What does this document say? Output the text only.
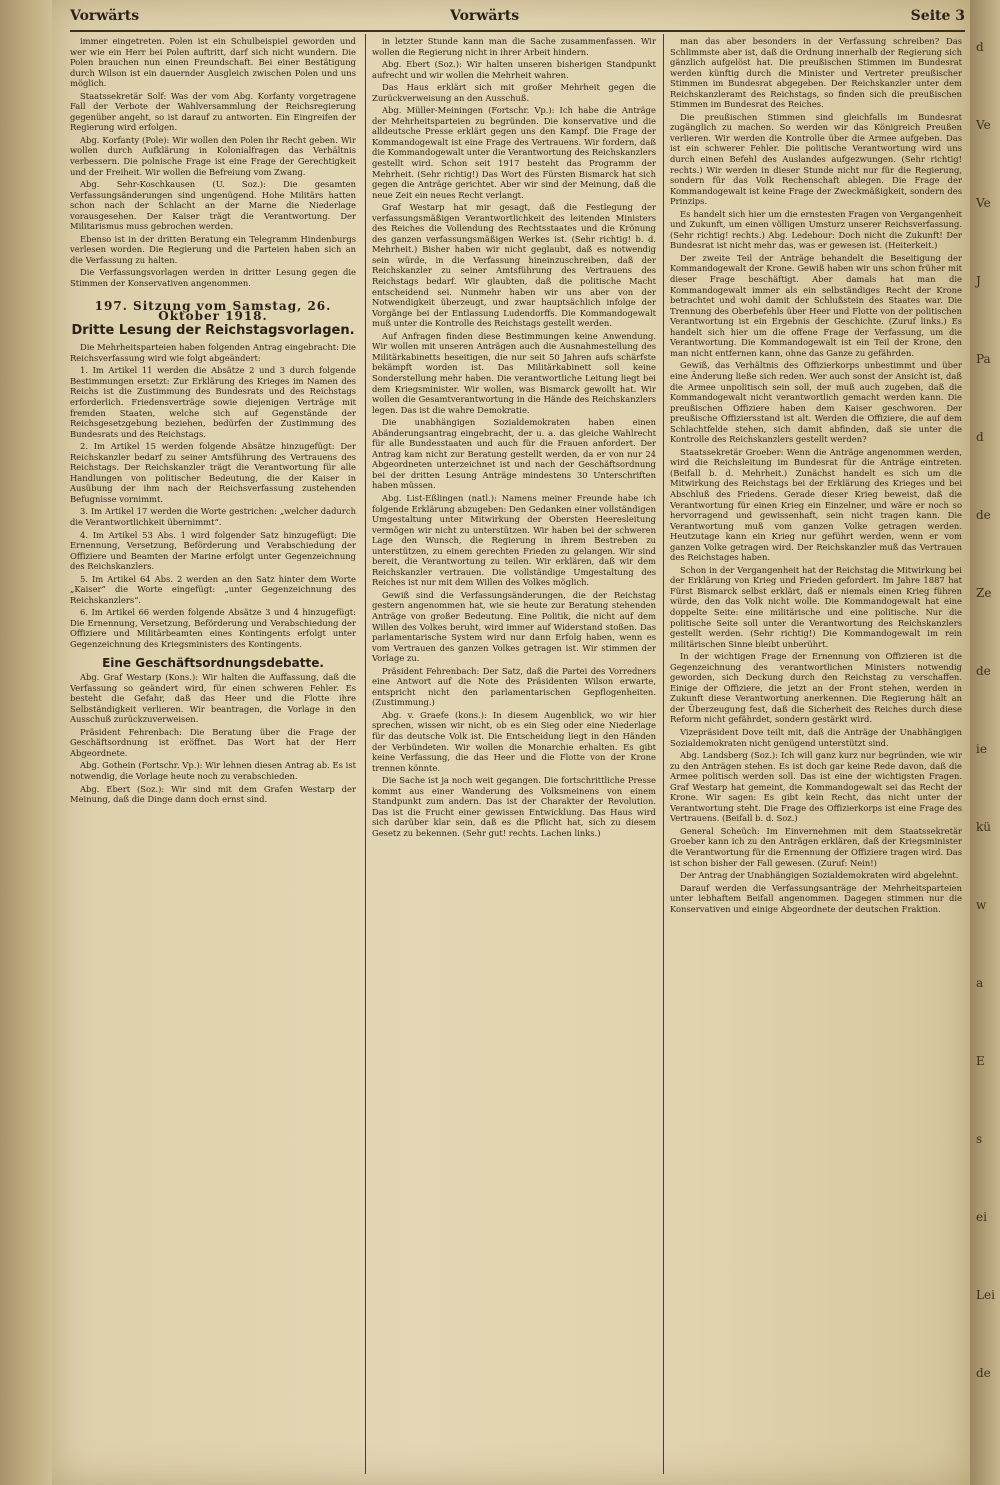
Vorwärts	Vorwärts	Seite 3

immer eingetreten. Polen ist ein Schulbeispiel geworden und wer wie ein Herr bei Polen auftritt, darf sich nicht wundern. Die Polen brauchen nun einen Freundschaft. Bei einer Bestätigung durch Wilson ist ein dauernder Ausgleich zwischen Polen und uns möglich.

Staatssekretär Solf: Was der vom Abg. Korfanty vorgetragene Fall der Verbote der Wahlversammlung der Reichsregierung gegenüber angeht, so ist darauf zu antworten. Ein Eingreifen der Regierung wird erfolgen.

Abg. Korfanty (Pole): Wir wollen den Polen ihr Recht geben. Wir wollen durch Aufklärung in Kolonialfragen das Verhältnis verbessern. Die polnische Frage ist eine Frage der Gerechtigkeit und der Freiheit. Wir wollen die Befreiung vom Zwang.

Abg. Sehr-Koschkausen (U. Soz.): Die gesamten Verfassungsänderungen sind ungenügend. Hohe Militärs hatten schon nach der Schlacht an der Marne die Niederlage vorausgesehen. Der Kaiser trägt die Verantwortung. Der Militarismus muss gebrochen werden.

Ebenso ist in der dritten Beratung ein Telegramm Hindenburgs verlesen worden. Die Regierung und die Parteien haben sich an die Verfassung zu halten.

Die Verfassungsvorlagen werden in dritter Lesung gegen die Stimmen der Konservativen angenommen.

197. Sitzung vom Samstag, 26. Oktober 1918.
Dritte Lesung der Reichstagsvorlagen.

Die Mehrheitsparteien haben folgenden Antrag eingebracht: Die Reichsverfassung wird wie folgt abgeändert:

1. Im Artikel 11 werden die Absätze 2 und 3 durch folgende Bestimmungen ersetzt: Zur Erklärung des Krieges im Namen des Reichs ist die Zustimmung des Bundesrats und des Reichstags erforderlich. Friedensverträge sowie diejenigen Verträge mit fremden Staaten, welche sich auf Gegenstände der Reichsgesetzgebung beziehen, bedürfen der Zustimmung des Bundesrats und des Reichstags.

2. Im Artikel 15 werden folgende Absätze hinzugefügt: Der Reichskanzler bedarf zu seiner Amtsführung des Vertrauens des Reichstags. Der Reichskanzler trägt die Verantwortung für alle Handlungen von politischer Bedeutung, die der Kaiser in Ausübung der ihm nach der Reichsverfassung zustehenden Befugnisse vornimmt.

3. Im Artikel 17 werden die Worte gestrichen: „welcher dadurch die Verantwortlichkeit übernimmt“.

4. Im Artikel 53 Abs. 1 wird folgender Satz hinzugefügt: Die Ernennung, Versetzung, Beförderung und Verabschiedung der Offiziere und Beamten der Marine erfolgt unter Gegenzeichnung des Reichskanzlers.

5. Im Artikel 64 Abs. 2 werden an den Satz hinter dem Worte „Kaiser“ die Worte eingefügt: „unter Gegenzeichnung des Reichskanzlers“.

6. Im Artikel 66 werden folgende Absätze 3 und 4 hinzugefügt: Die Ernennung, Versetzung, Beförderung und Verabschiedung der Offiziere und Militärbeamten eines Kontingents erfolgt unter Gegenzeichnung des Kriegsministers des Kontingents.

Eine Geschäftsordnungsdebatte.

Abg. Graf Westarp (Kons.): Wir halten die Auffassung, daß die Verfassung so geändert wird, für einen schweren Fehler. Es besteht die Gefahr, daß das Heer und die Flotte ihre Selbständigkeit verlieren. Wir beantragen, die Vorlage in den Ausschuß zurückzuverweisen.

Präsident Fehrenbach: Die Beratung über die Frage der Geschäftsordnung ist eröffnet. Das Wort hat der Herr Abgeordnete.

Abg. Gothein (Fortschr. Vp.): Wir lehnen diesen Antrag ab. Es ist notwendig, die Vorlage heute noch zu verabschieden.

Abg. Ebert (Soz.): Wir sind mit dem Grafen Westarp der Meinung, daß die Dinge dann doch ernst sind.

in letzter Stunde kann man die Sache zusammenfassen. Wir wollen die Regierung nicht in ihrer Arbeit hindern.

Abg. Ebert (Soz.): Wir halten unseren bisherigen Standpunkt aufrecht und wir wollen die Mehrheit wahren.

Das Haus erklärt sich mit großer Mehrheit gegen die Zurückverweisung an den Ausschuß.

Abg. Müller-Meiningen (Fortschr. Vp.): Ich habe die Anträge der Mehrheitsparteien zu begründen. Die konservative und die alldeutsche Presse erklärt gegen uns den Kampf. Die Frage der Kommandogewalt ist eine Frage des Vertrauens. Wir fordern, daß die Kommandogewalt unter die Verantwortung des Reichskanzlers gestellt wird. Schon seit 1917 besteht das Programm der Mehrheit. (Sehr richtig!) Das Wort des Fürsten Bismarck hat sich gegen die Anträge gerichtet. Aber wir sind der Meinung, daß die neue Zeit ein neues Recht verlangt.

Graf Westarp hat mir gesagt, daß die Festlegung der verfassungsmäßigen Verantwortlichkeit des leitenden Ministers des Reiches die Vollendung des Rechtsstaates und die Krönung des ganzen verfassungsmäßigen Werkes ist. (Sehr richtig! b. d. Mehrheit.) Bisher haben wir nicht geglaubt, daß es notwendig sein würde, in die Verfassung hineinzuschreiben, daß der Reichskanzler zu seiner Amtsführung des Vertrauens des Reichstags bedarf. Wir glaubten, daß die politische Macht entscheidend sei. Nunmehr haben wir uns aber von der Notwendigkeit überzeugt, und zwar hauptsächlich infolge der Vorgänge bei der Entlassung Ludendorffs. Die Kommandogewalt muß unter die Kontrolle des Reichstags gestellt werden.

Auf Anfragen finden diese Bestimmungen keine Anwendung. Wir wollen mit unseren Anträgen auch die Ausnahmestellung des Militärkabinetts beseitigen, die nur seit 50 Jahren aufs schärfste bekämpft worden ist. Das Militärkabinett soll keine Sonderstellung mehr haben. Die verantwortliche Leitung liegt bei dem Kriegsminister. Wir wollen, was Bismarck gewollt hat. Wir wollen die Gesamtverantwortung in die Hände des Reichskanzlers legen. Das ist die wahre Demokratie.

Die unabhängigen Sozialdemokraten haben einen Abänderungsantrag eingebracht, der u. a. das gleiche Wahlrecht für alle Bundesstaaten und auch für die Frauen anfordert. Der Antrag kam nicht zur Beratung gestellt werden, da er von nur 24 Abgeordneten unterzeichnet ist und nach der Geschäftsordnung bei der dritten Lesung Anträge mindestens 30 Unterschriften haben müssen.

Abg. List-Eßlingen (natl.): Namens meiner Freunde habe ich folgende Erklärung abzugeben: Den Gedanken einer vollständigen Umgestaltung unter Mitwirkung der Obersten Heeresleitung vermögen wir nicht zu unterstützen. Wir haben bei der schweren Lage den Wunsch, die Regierung in ihrem Bestreben zu unterstützen, zu einem gerechten Frieden zu gelangen. Wir sind bereit, die Verantwortung zu teilen. Wir erklären, daß wir dem Reichskanzler vertrauen. Die vollständige Umgestaltung des Reiches ist nur mit dem Willen des Volkes möglich.

Gewiß sind die Verfassungsänderungen, die der Reichstag gestern angenommen hat, wie sie heute zur Beratung stehenden Anträge von großer Bedeutung. Eine Politik, die nicht auf dem Willen des Volkes beruht, wird immer auf Widerstand stoßen. Das parlamentarische System wird nur dann Erfolg haben, wenn es vom Vertrauen des ganzen Volkes getragen ist. Wir stimmen der Vorlage zu.

Präsident Fehrenbach: Der Satz, daß die Partei des Vorredners eine Antwort auf die Note des Präsidenten Wilson erwarte, entspricht nicht den parlamentarischen Gepflogenheiten. (Zustimmung.)

Abg. v. Graefe (kons.): In diesem Augenblick, wo wir hier sprechen, wissen wir nicht, ob es ein Sieg oder eine Niederlage für das deutsche Volk ist. Die Entscheidung liegt in den Händen der Verbündeten. Wir wollen die Monarchie erhalten. Es gibt keine Verfassung, die das Heer und die Flotte von der Krone trennen könnte.

Die Sache ist ja noch weit gegangen. Die fortschrittliche Presse kommt aus einer Wanderung des Volksmeinens von einem Standpunkt zum andern. Das ist der Charakter der Revolution. Das ist die Frucht einer gewissen Entwicklung. Das Haus wird sich darüber klar sein, daß es die Pflicht hat, sich zu diesem Gesetz zu bekennen. (Sehr gut! rechts. Lachen links.)

man das aber besonders in der Verfassung schreiben? Das Schlimmste aber ist, daß die Ordnung innerhalb der Regierung sich gänzlich aufgelöst hat. Die preußischen Stimmen im Bundesrat werden künftig durch die Minister und Vertreter preußischer Stimmen im Bundesrat abgegeben. Der Reichskanzler unter dem Reichskanzleramt des Reichstags, so finden sich die preußischen Stimmen im Bundesrat des Reiches.

Die preußischen Stimmen sind gleichfalls im Bundesrat zugänglich zu machen. So werden wir das Königreich Preußen verlieren. Wir werden die Kontrolle über die Armee aufgeben. Das ist ein schwerer Fehler. Die politische Verantwortung wird uns durch einen Befehl des Auslandes aufgezwungen. (Sehr richtig! rechts.) Wir werden in dieser Stunde nicht nur für die Regierung, sondern für das Volk Rechenschaft ablegen. Die Frage der Kommandogewalt ist keine Frage der Zweckmäßigkeit, sondern des Prinzips.

Es handelt sich hier um die ernstesten Fragen von Vergangenheit und Zukunft, um einen völligen Umsturz unserer Reichsverfassung. (Sehr richtig! rechts.) Abg. Ledebour: Doch nicht die Zukunft! Der Bundesrat ist nicht mehr das, was er gewesen ist. (Heiterkeit.)

Der zweite Teil der Anträge behandelt die Beseitigung der Kommandogewalt der Krone. Gewiß haben wir uns schon früher mit dieser Frage beschäftigt. Aber damals hat man die Kommandogewalt immer als ein selbständiges Recht der Krone betrachtet und wohl damit der Schlußstein des Staates war. Die Trennung des Oberbefehls über Heer und Flotte von der politischen Verantwortung ist ein Ergebnis der Geschichte. (Zuruf links.) Es handelt sich hier um die offene Frage der Verfassung, um die Verantwortung. Die Kommandogewalt ist ein Teil der Krone, den man nicht entfernen kann, ohne das Ganze zu gefährden.

Gewiß, das Verhältnis des Offizierkorps unbestimmt und über eine Änderung ließe sich reden. Wer auch sonst der Ansicht ist, daß die Armee unpolitisch sein soll, der muß auch zugeben, daß die Kommandogewalt nicht verantwortlich gemacht werden kann. Die preußischen Offiziere haben dem Kaiser geschworen. Der preußische Offiziersstand ist alt. Werden die Offiziere, die auf dem Schlachtfelde stehen, sich damit abfinden, daß sie unter die Kontrolle des Reichskanzlers gestellt werden?

Staatssekretär Groeber: Wenn die Anträge angenommen werden, wird die Reichsleitung im Bundesrat für die Anträge eintreten. (Beifall b. d. Mehrheit.) Zunächst handelt es sich um die Mitwirkung des Reichstags bei der Erklärung des Krieges und bei Abschluß des Friedens. Gerade dieser Krieg beweist, daß die Verantwortung für einen Krieg ein Einzelner, und wäre er noch so hervorragend und gewissenhaft, sein nicht tragen kann. Die Verantwortung muß vom ganzen Volke getragen werden. Heutzutage kann ein Krieg nur geführt werden, wenn er vom ganzen Volke getragen wird. Der Reichskanzler muß das Vertrauen des Reichstages haben.

Schon in der Vergangenheit hat der Reichstag die Mitwirkung bei der Erklärung von Krieg und Frieden gefordert. Im Jahre 1887 hat Fürst Bismarck selbst erklärt, daß er niemals einen Krieg führen würde, den das Volk nicht wolle. Die Kommandogewalt hat eine doppelte Seite: eine militärische und eine politische. Nur die politische Seite soll unter die Verantwortung des Reichskanzlers gestellt werden. (Sehr richtig!) Die Kommandogewalt im rein militärischen Sinne bleibt unberührt.

In der wichtigen Frage der Ernennung von Offizieren ist die Gegenzeichnung des verantwortlichen Ministers notwendig geworden, sich Deckung durch den Reichstag zu verschaffen. Einige der Offiziere, die jetzt an der Front stehen, werden in Zukunft diese Verantwortung anerkennen. Die Regierung hält an der Überzeugung fest, daß die Sicherheit des Reiches durch diese Reform nicht gefährdet, sondern gestärkt wird.

Vizepräsident Dove teilt mit, daß die Anträge der Unabhängigen Sozialdemokraten nicht genügend unterstützt sind.

Abg. Landsberg (Soz.): Ich will ganz kurz nur begründen, wie wir zu den Anträgen stehen. Es ist doch gar keine Rede davon, daß die Armee politisch werden soll. Das ist eine der wichtigsten Fragen. Graf Westarp hat gemeint, die Kommandogewalt sei das Recht der Krone. Wir sagen: Es gibt kein Recht, das nicht unter der Verantwortung steht. Die Frage des Offizierkorps ist eine Frage des Vertrauens. (Beifall b. d. Soz.)

General Scheüch: Im Einvernehmen mit dem Staatssekretär Groeber kann ich zu den Anträgen erklären, daß der Kriegsminister die Verantwortung für die Ernennung der Offiziere tragen wird. Das ist schon bisher der Fall gewesen. (Zuruf: Nein!)

Der Antrag der Unabhängigen Sozialdemokraten wird abgelehnt.

Darauf werden die Verfassungsanträge der Mehrheitsparteien unter lebhaftem Beifall angenommen. Dagegen stimmen nur die Konservativen und einige Abgeordnete der deutschen Fraktion.

d
Ve
Ve
J
Pa
d
de
Ze
de
ie
kü
w
a
E
s
ei
Lei
de
